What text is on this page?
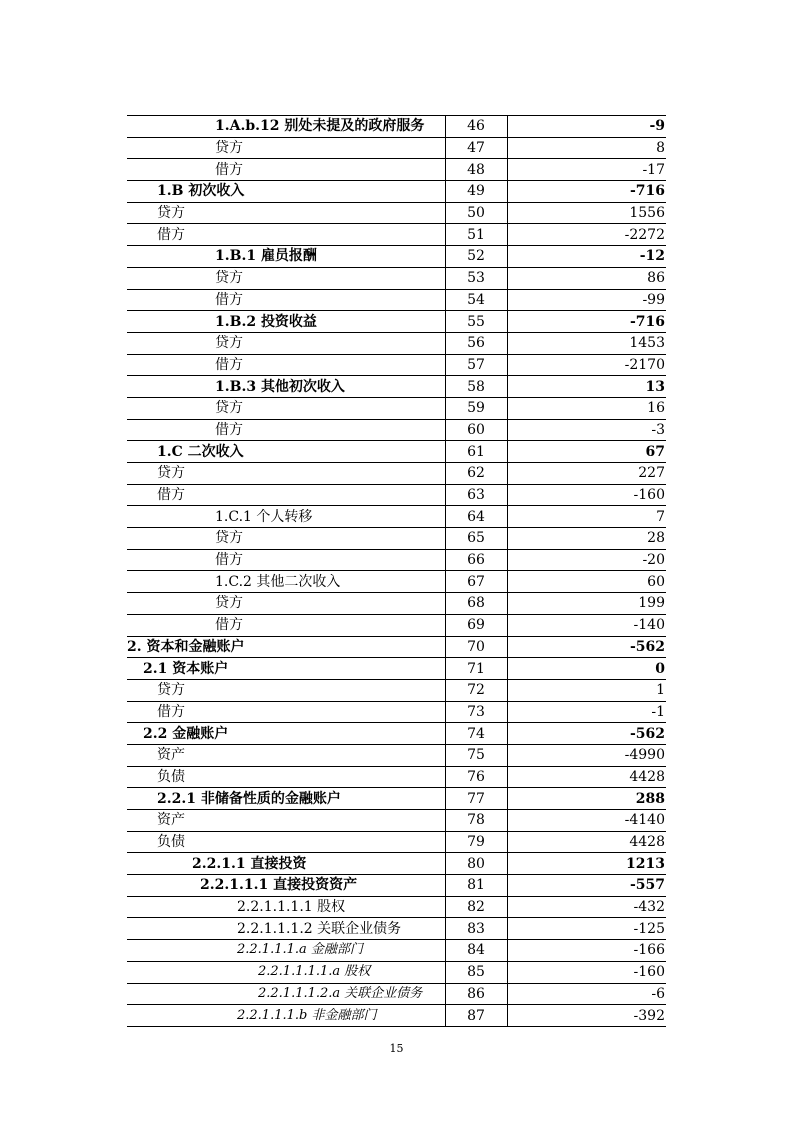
1.A.b.12 别处未提及的政府服务	46	-9
贷方	47	8
借方	48	-17
1.B 初次收入	49	-716
贷方	50	1556
借方	51	-2272
1.B.1 雇员报酬	52	-12
贷方	53	86
借方	54	-99
1.B.2 投资收益	55	-716
贷方	56	1453
借方	57	-2170
1.B.3 其他初次收入	58	13
贷方	59	16
借方	60	-3
1.C 二次收入	61	67
贷方	62	227
借方	63	-160
1.C.1 个人转移	64	7
贷方	65	28
借方	66	-20
1.C.2 其他二次收入	67	60
贷方	68	199
借方	69	-140
2. 资本和金融账户	70	-562
2.1 资本账户	71	0
贷方	72	1
借方	73	-1
2.2 金融账户	74	-562
资产	75	-4990
负债	76	4428
2.2.1 非储备性质的金融账户	77	288
资产	78	-4140
负债	79	4428
2.2.1.1 直接投资	80	1213
2.2.1.1.1 直接投资资产	81	-557
2.2.1.1.1.1 股权	82	-432
2.2.1.1.1.2 关联企业债务	83	-125
2.2.1.1.1.a 金融部门	84	-166
2.2.1.1.1.1.a 股权	85	-160
2.2.1.1.1.2.a 关联企业债务	86	-6
2.2.1.1.1.b 非金融部门	87	-392
15
